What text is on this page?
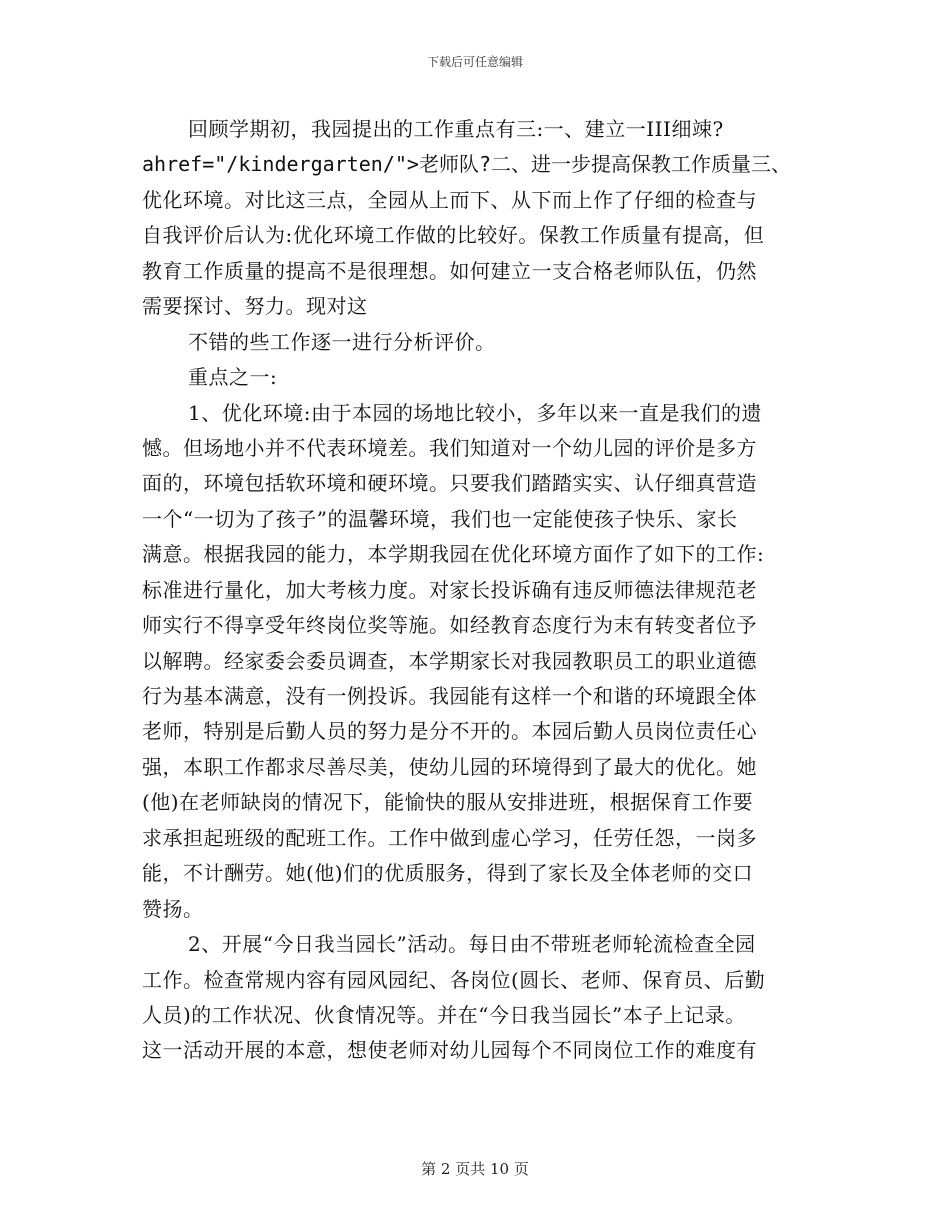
下载后可任意编辑
回顾学期初，我园提出的工作重点有三:一、建立一III细竦?
ahref="/kindergarten/">老师队?二、进一步提高保教工作质量三、
优化环境。对比这三点，全园从上而下、从下而上作了仔细的检查与
自我评价后认为:优化环境工作做的比较好。保教工作质量有提高，但
教育工作质量的提高不是很理想。如何建立一支合格老师队伍，仍然
需要探讨、努力。现对这
不错的些工作逐一进行分析评价。
重点之一:
1、优化环境:由于本园的场地比较小，多年以来一直是我们的遗
憾。但场地小并不代表环境差。我们知道对一个幼儿园的评价是多方
面的，环境包括软环境和硬环境。只要我们踏踏实实、认仔细真营造
一个“一切为了孩子”的温馨环境，我们也一定能使孩子快乐、家长
满意。根据我园的能力，本学期我园在优化环境方面作了如下的工作:
标准进行量化，加大考核力度。对家长投诉确有违反师德法律规范老
师实行不得享受年终岗位奖等施。如经教育态度行为末有转变者位予
以解聘。经家委会委员调查，本学期家长对我园教职员工的职业道德
行为基本满意，没有一例投诉。我园能有这样一个和谐的环境跟全体
老师，特别是后勤人员的努力是分不开的。本园后勤人员岗位责任心
强，本职工作都求尽善尽美，使幼儿园的环境得到了最大的优化。她
(他)在老师缺岗的情况下，能愉快的服从安排进班，根据保育工作要
求承担起班级的配班工作。工作中做到虚心学习，任劳任怨，一岗多
能，不计酬劳。她(他)们的优质服务，得到了家长及全体老师的交口
赞扬。
2、开展“今日我当园长”活动。每日由不带班老师轮流检查全园
工作。检查常规内容有园风园纪、各岗位(圆长、老师、保育员、后勤
人员)的工作状况、伙食情况等。并在“今日我当园长”本子上记录。
这一活动开展的本意，想使老师对幼儿园每个不同岗位工作的难度有
第 2 页共 10 页
